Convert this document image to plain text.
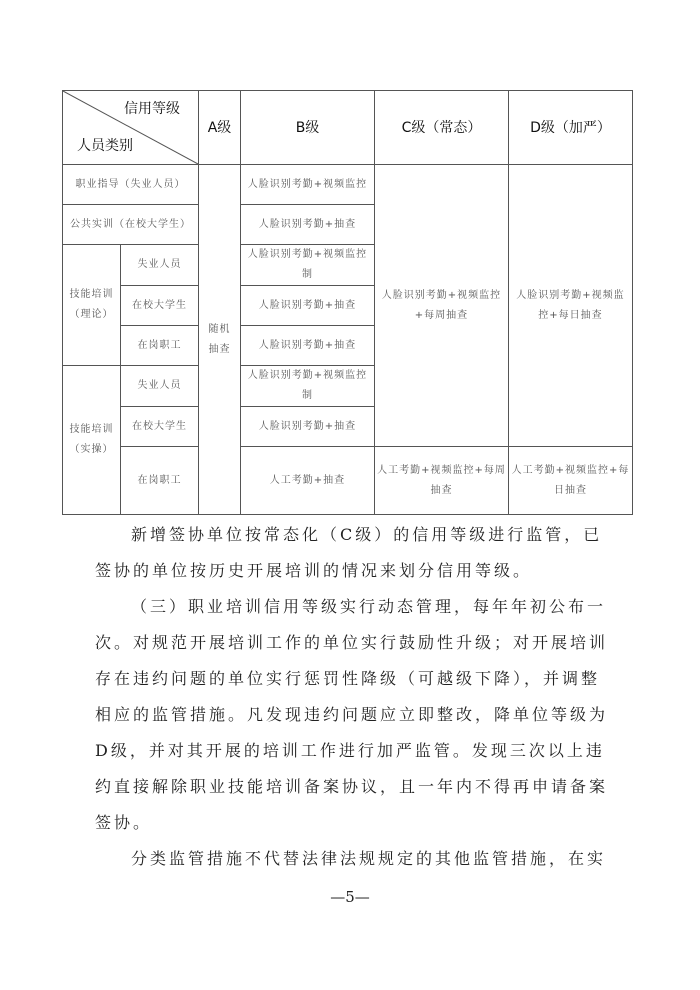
信用等级
人员类别		A级	B级	C级（常态）	D级（加严）
职业指导（失业人员）		随机抽查	人脸识别考勤+视频监控	人脸识别考勤+视频监控+每周抽查	人脸识别考勤+视频监控+每日抽查
公共实训（在校大学生）			人脸识别考勤+抽查		
技能培训（理论）	失业人员		人脸识别考勤+视频监控制		
	在校大学生		人脸识别考勤+抽查		
	在岗职工		人脸识别考勤+抽查		
技能培训（实操）	失业人员		人脸识别考勤+视频监控制		
	在校大学生		人脸识别考勤+抽查		
	在岗职工		人工考勤+抽查	人工考勤+视频监控+每周抽查	人工考勤+视频监控+每日抽查
新增签协单位按常态化（C级）的信用等级进行监管，已签协的单位按历史开展培训的情况来划分信用等级。
（三）职业培训信用等级实行动态管理，每年年初公布一次。对规范开展培训工作的单位实行鼓励性升级；对开展培训存在违约问题的单位实行惩罚性降级（可越级下降），并调整相应的监管措施。凡发现违约问题应立即整改，降单位等级为D级，并对其开展的培训工作进行加严监管。发现三次以上违约直接解除职业技能培训备案协议，且一年内不得再申请备案签协。
分类监管措施不代替法律法规规定的其他监管措施，在实
—5—
